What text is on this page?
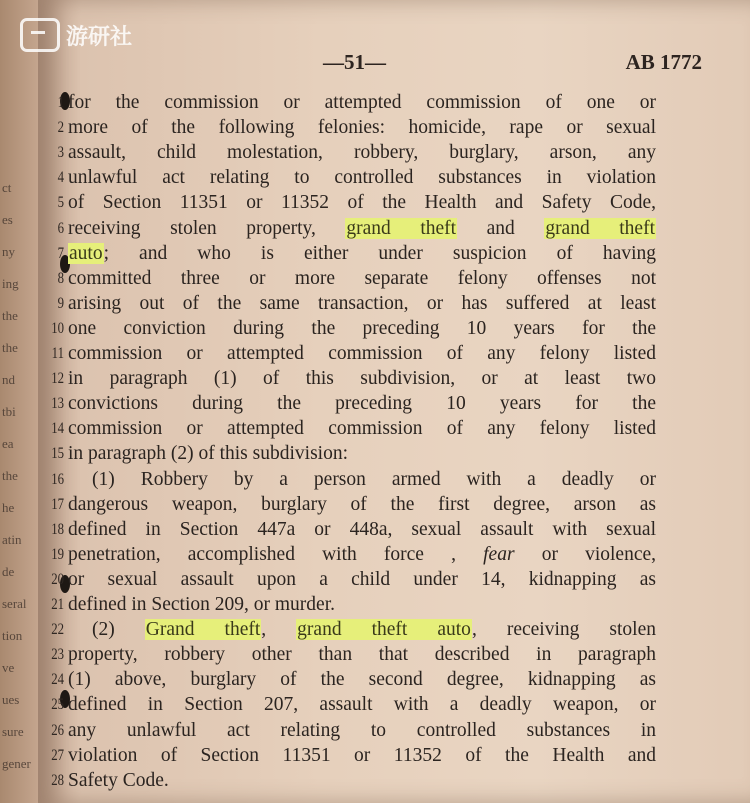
ct
es
ny
ing
the
the
nd
tbi
ea
the
he
atin
de
seral
tion
ve
ues
sure
gener
—51—	AB 1772
1 for the commission or attempted commission of one or
2 more of the following felonies: homicide, rape or sexual
3 assault, child molestation, robbery, burglary, arson, any
4 unlawful act relating to controlled substances in violation
5 of Section 11351 or 11352 of the Health and Safety Code,
6 receiving stolen property, grand theft and grand theft
7 auto; and who is either under suspicion of having
8 committed three or more separate felony offenses not
9 arising out of the same transaction, or has suffered at least
10 one conviction during the preceding 10 years for the
11 commission or attempted commission of any felony listed
12 in paragraph (1) of this subdivision, or at least two
13 convictions during the preceding 10 years for the
14 commission or attempted commission of any felony listed
15 in paragraph (2) of this subdivision:
16	(1) Robbery by a person armed with a deadly or
17 dangerous weapon, burglary of the first degree, arson as
18 defined in Section 447a or 448a, sexual assault with sexual
19 penetration, accomplished with force , fear or violence,
20 or sexual assault upon a child under 14, kidnapping as
21 defined in Section 209, or murder.
22	(2) Grand theft, grand theft auto, receiving stolen
23 property, robbery other than that described in paragraph
24 (1) above, burglary of the second degree, kidnapping as
25 defined in Section 207, assault with a deadly weapon, or
26 any unlawful act relating to controlled substances in
27 violation of Section 11351 or 11352 of the Health and
28 Safety Code.
游研社
